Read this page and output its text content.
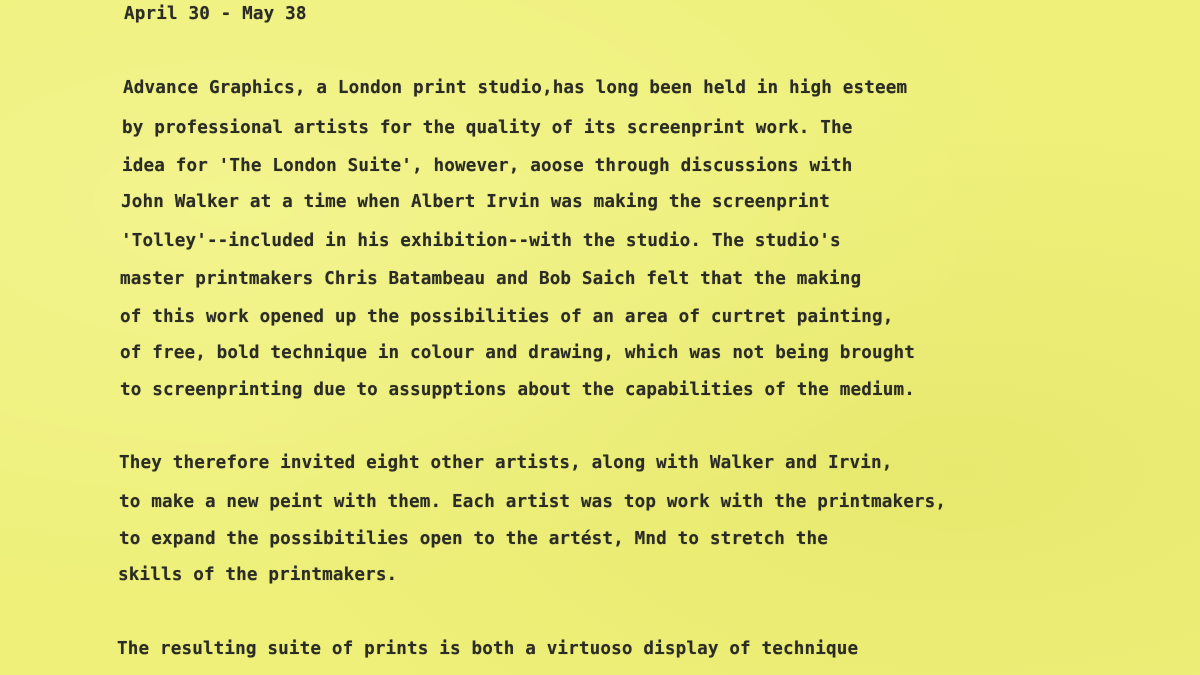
April 30 - May 38

Advance Graphics, a London print studio,has long been held in high esteem

by professional artists for the quality of its screenprint work. The

idea for 'The London Suite', however, aoose through discussions with

John Walker at a time when Albert Irvin was making the screenprint

'Tolley'--included in his exhibition--with the studio. The studio's

master printmakers Chris Batambeau and Bob Saich felt that the making

of this work opened up the possibilities of an area of curtret painting,

of free, bold technique in colour and drawing, which was not being brought

to screenprinting due to assupptions about the capabilities of the medium.

They therefore invited eight other artists, along with Walker and Irvin,

to make a new peint with them. Each artist was top work with the printmakers,

to expand the possibitilies open to the artést, Mnd to stretch the

skills of the printmakers.

The resulting suite of prints is both a virtuoso display of technique
